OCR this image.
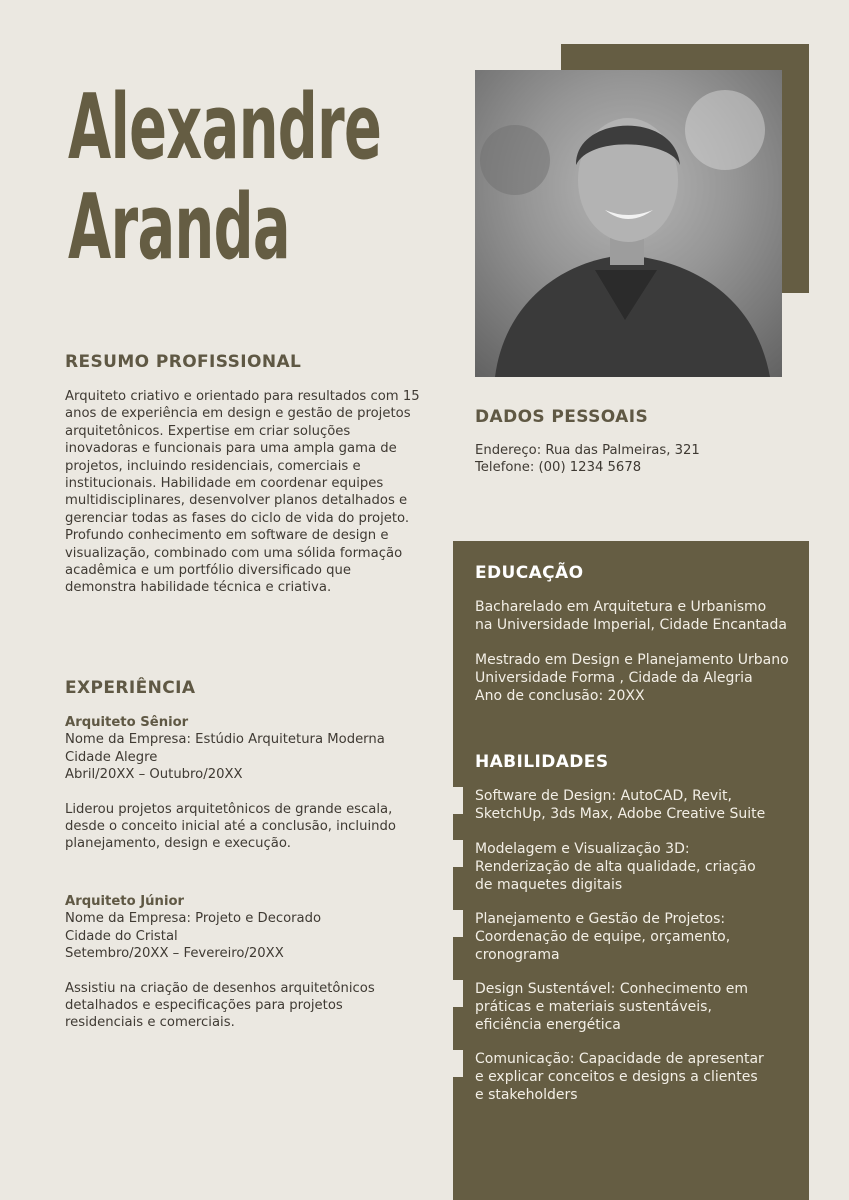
Alexandre
Aranda
RESUMO PROFISSIONAL

Arquiteto criativo e orientado para resultados com 15
anos de experiência em design e gestão de projetos
arquitetônicos. Expertise em criar soluções
inovadoras e funcionais para uma ampla gama de
projetos, incluindo residenciais, comerciais e
institucionais. Habilidade em coordenar equipes
multidisciplinares, desenvolver planos detalhados e
gerenciar todas as fases do ciclo de vida do projeto.
Profundo conhecimento em software de design e
visualização, combinado com uma sólida formação
acadêmica e um portfólio diversificado que
demonstra habilidade técnica e criativa.

EXPERIÊNCIA
Arquiteto Sênior
Nome da Empresa: Estúdio Arquitetura Moderna
Cidade Alegre
Abril/20XX – Outubro/20XX
Liderou projetos arquitetônicos de grande escala,
desde o conceito inicial até a conclusão, incluindo
planejamento, design e execução.
Arquiteto Júnior
Nome da Empresa: Projeto e Decorado
Cidade do Cristal
Setembro/20XX – Fevereiro/20XX
Assistiu na criação de desenhos arquitetônicos
detalhados e especificações para projetos
residenciais e comerciais.
DADOS PESSOAIS
Endereço: Rua das Palmeiras, 321
Telefone: (00) 1234 5678
EDUCAÇÃO
Bacharelado em Arquitetura e Urbanismo
na Universidade Imperial, Cidade Encantada
Mestrado em Design e Planejamento Urbano
Universidade Forma , Cidade da Alegria
Ano de conclusão: 20XX
HABILIDADES
Software de Design: AutoCAD, Revit,
SketchUp, 3ds Max, Adobe Creative Suite
Modelagem e Visualização 3D:
Renderização de alta qualidade, criação
de maquetes digitais
Planejamento e Gestão de Projetos:
Coordenação de equipe, orçamento,
cronograma
Design Sustentável: Conhecimento em
práticas e materiais sustentáveis,
eficiência energética
Comunicação: Capacidade de apresentar
e explicar conceitos e designs a clientes
e stakeholders
